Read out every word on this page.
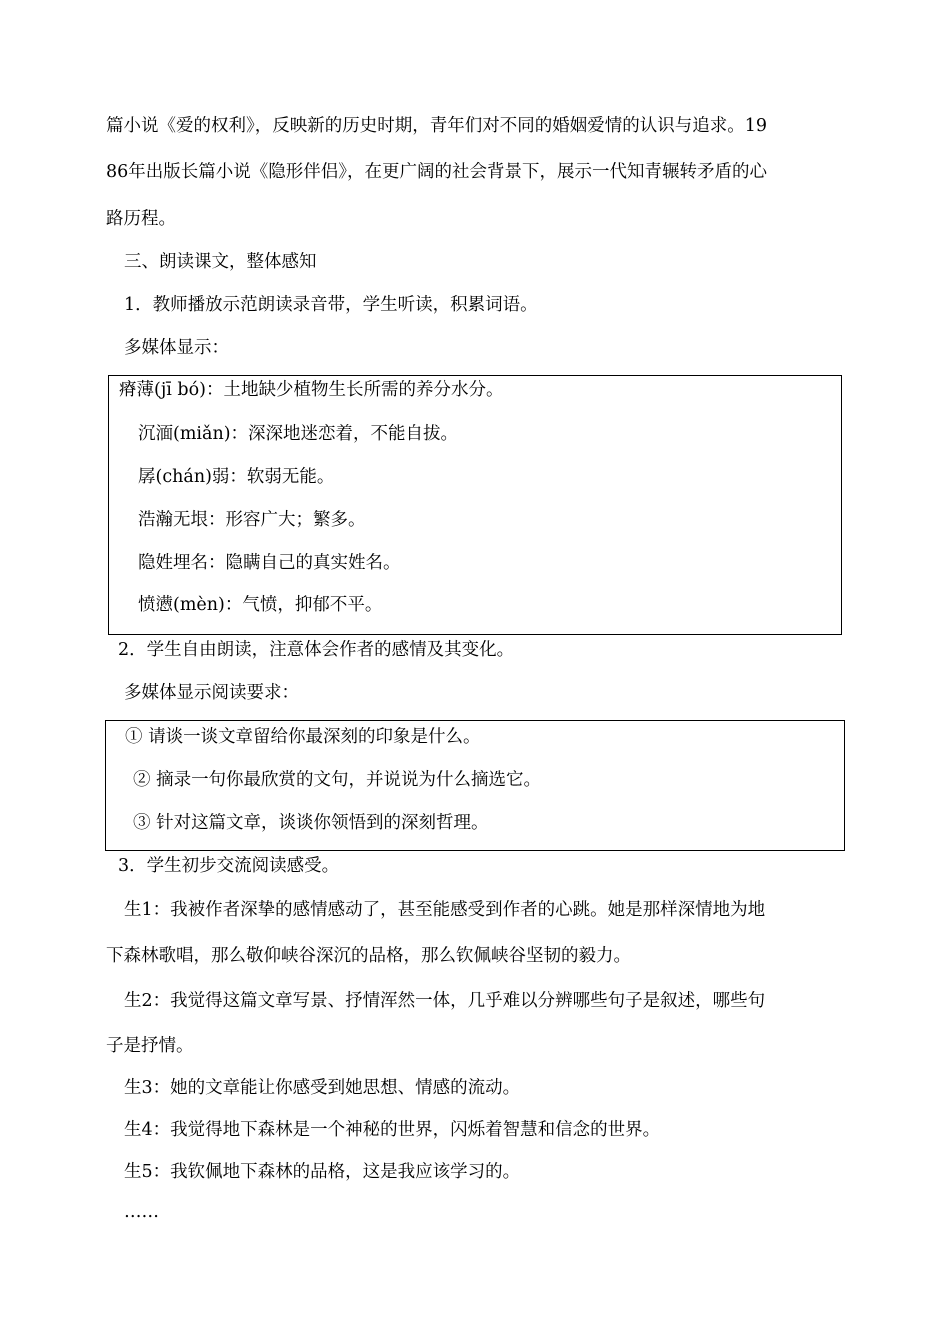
篇小说《爱的权利》，反映新的历史时期，青年们对不同的婚姻爱情的认识与追求。19
86年出版长篇小说《隐形伴侣》，在更广阔的社会背景下，展示一代知青辗转矛盾的心
路历程。
三、朗读课文，整体感知
1．教师播放示范朗读录音带，学生听读，积累词语。
多媒体显示：
瘠薄(jī bó)：土地缺少植物生长所需的养分水分。
沉湎(miǎn)：深深地迷恋着，不能自拔。
孱(chán)弱：软弱无能。
浩瀚无垠：形容广大；繁多。
隐姓埋名：隐瞒自己的真实姓名。
愤懑(mèn)：气愤，抑郁不平。
2．学生自由朗读，注意体会作者的感情及其变化。
多媒体显示阅读要求：
① 请谈一谈文章留给你最深刻的印象是什么。
② 摘录一句你最欣赏的文句，并说说为什么摘选它。
③ 针对这篇文章，谈谈你领悟到的深刻哲理。
3．学生初步交流阅读感受。
生1：我被作者深挚的感情感动了，甚至能感受到作者的心跳。她是那样深情地为地
下森林歌唱，那么敬仰峡谷深沉的品格，那么钦佩峡谷坚韧的毅力。
生2：我觉得这篇文章写景、抒情浑然一体，几乎难以分辨哪些句子是叙述，哪些句
子是抒情。
生3：她的文章能让你感受到她思想、情感的流动。
生4：我觉得地下森林是一个神秘的世界，闪烁着智慧和信念的世界。
生5：我钦佩地下森林的品格，这是我应该学习的。
……
